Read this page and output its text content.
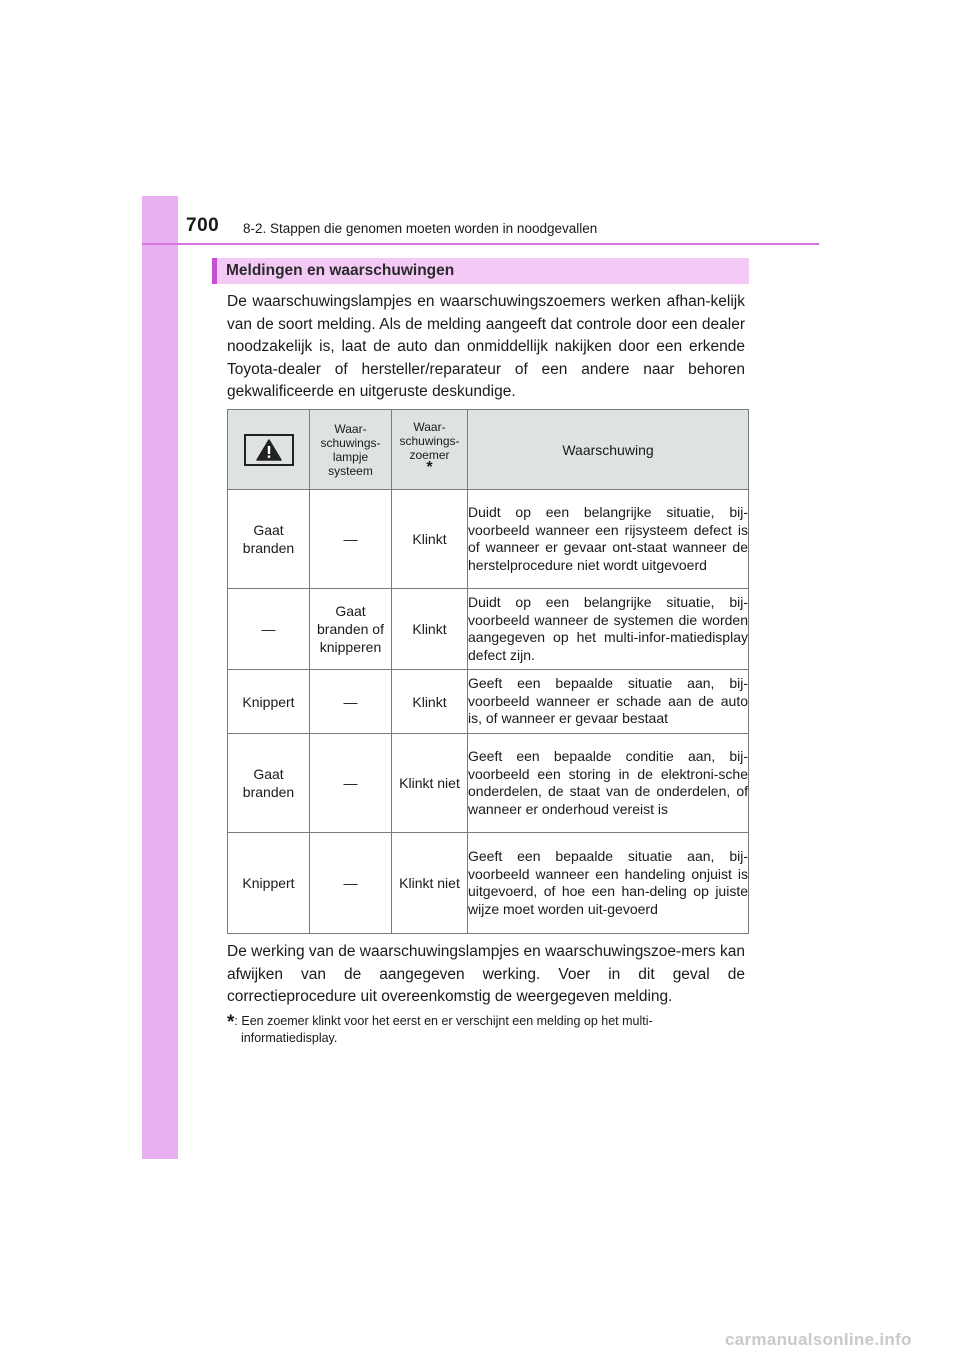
700 8-2. Stappen die genomen moeten worden in noodgevallen
Meldingen en waarschuwingen
De waarschuwingslampjes en waarschuwingszoemers werken afhan-kelijk van de soort melding. Als de melding aangeeft dat controle door een dealer noodzakelijk is, laat de auto dan onmiddellijk nakijken door een erkende Toyota-dealer of hersteller/reparateur of een andere naar behoren gekwalificeerde en uitgeruste deskundige.
	Waar-schuwings-lampje systeem	Waar-schuwings-zoemer*	Waarschuwing
Gaat branden	—	Klinkt	Duidt op een belangrijke situatie, bij-voorbeeld wanneer een rijsysteem defect is of wanneer er gevaar ont-staat wanneer de herstelprocedure niet wordt uitgevoerd
—	Gaat branden of knipperen	Klinkt	Duidt op een belangrijke situatie, bij-voorbeeld wanneer de systemen die worden aangegeven op het multi-infor-matiedisplay defect zijn.
Knippert	—	Klinkt	Geeft een bepaalde situatie aan, bij-voorbeeld wanneer er schade aan de auto is, of wanneer er gevaar bestaat
Gaat branden	—	Klinkt niet	Geeft een bepaalde conditie aan, bij-voorbeeld een storing in de elektroni-sche onderdelen, de staat van de onderdelen, of wanneer er onderhoud vereist is
Knippert	—	Klinkt niet	Geeft een bepaalde situatie aan, bij-voorbeeld wanneer een handeling onjuist is uitgevoerd, of hoe een han-deling op juiste wijze moet worden uit-gevoerd
De werking van de waarschuwingslampjes en waarschuwingszoe-mers kan afwijken van de aangegeven werking. Voer in dit geval de correctieprocedure uit overeenkomstig de weergegeven melding.
*: Een zoemer klinkt voor het eerst en er verschijnt een melding op het multi-
informatiedisplay.
carmanualsonline.info
